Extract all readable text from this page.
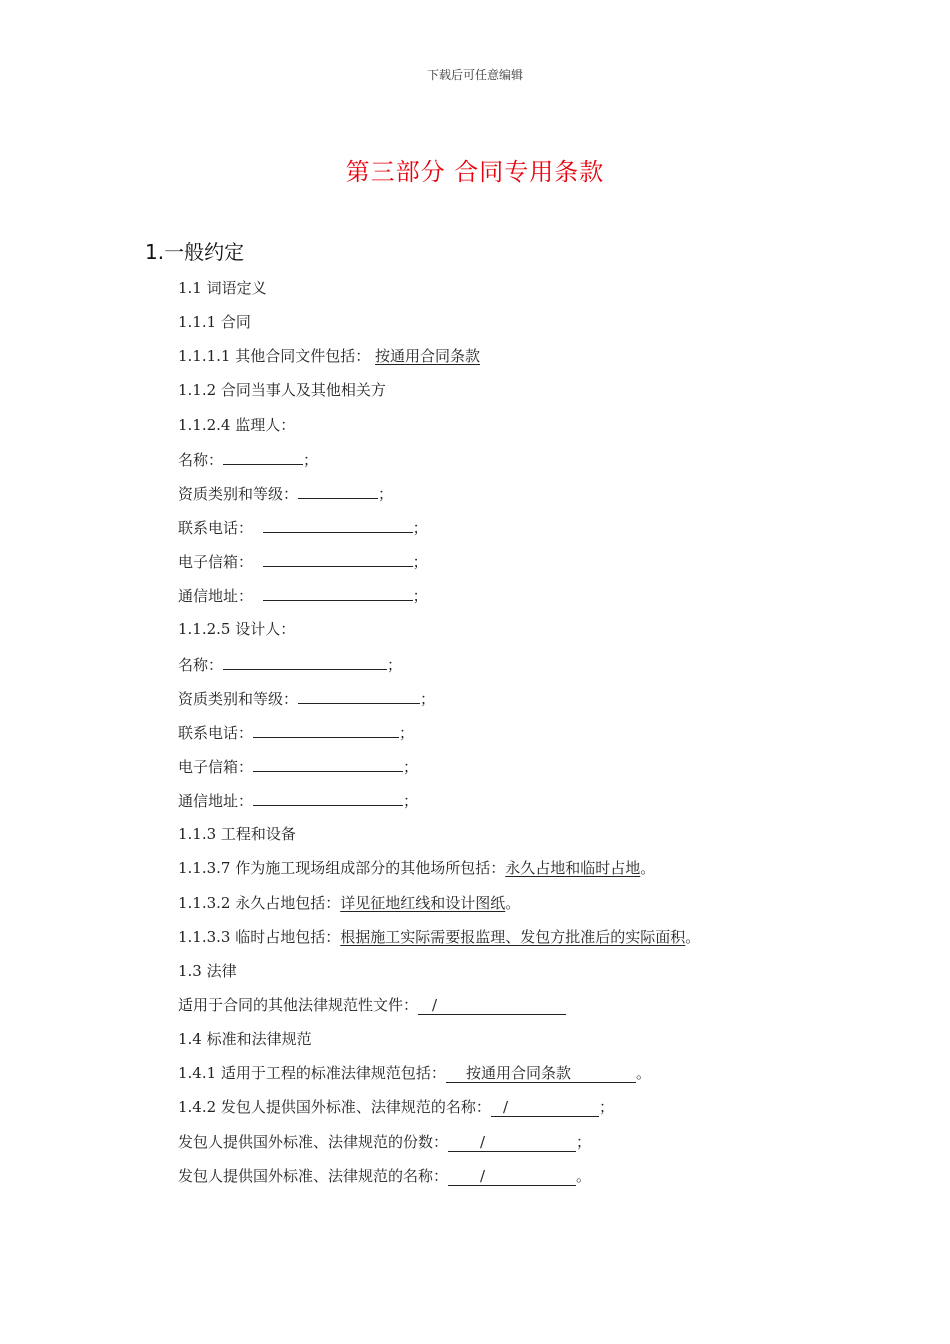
下载后可任意编辑
第三部分 合同专用条款
1.一般约定
1.1 词语定义
1.1.1 合同
1.1.1.1 其他合同文件包括： 按通用合同条款
1.1.2 合同当事人及其他相关方
1.1.2.4 监理人：
名称：	；
资质类别和等级：	；
联系电话：	；
电子信箱：	；
通信地址：	；
1.1.2.5 设计人：
名称：	；
资质类别和等级：	；
联系电话：	；
电子信箱：	；
通信地址：	；
1.1.3 工程和设备
1.1.3.7 作为施工现场组成部分的其他场所包括：永久占地和临时占地。
1.1.3.2 永久占地包括：详见征地红线和设计图纸。
1.1.3.3 临时占地包括：根据施工实际需要报监理、发包方批准后的实际面积。
1.3 法律
适用于合同的其他法律规范性文件： /
1.4 标准和法律规范
1.4.1 适用于工程的标准法律规范包括： 按通用合同条款	。
1.4.2 发包人提供国外标准、法律规范的名称： /	；
发包人提供国外标准、法律规范的份数： /	；
发包人提供国外标准、法律规范的名称： /	。
